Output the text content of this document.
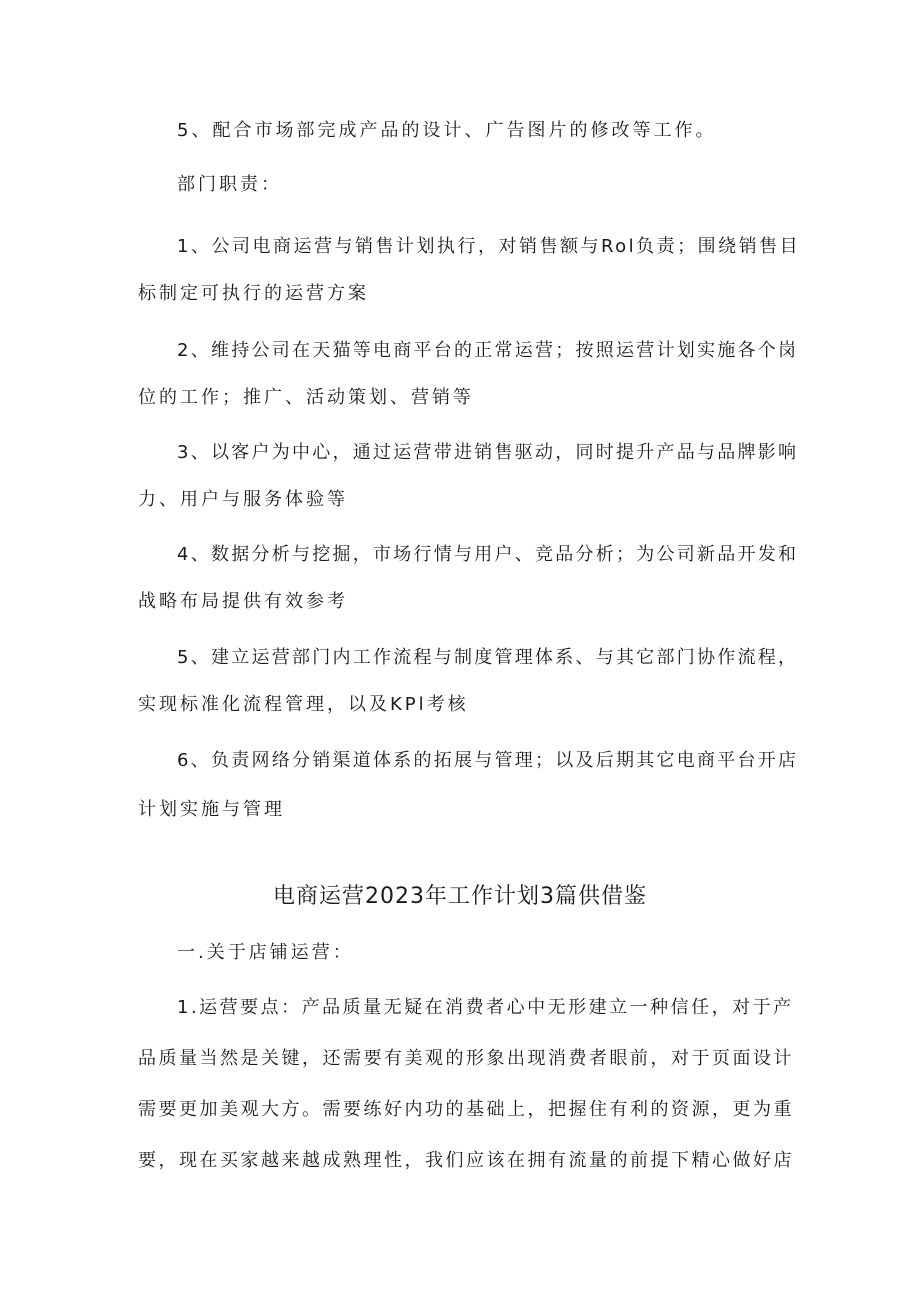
5、配合市场部完成产品的设计、广告图片的修改等工作。
部门职责：
1、公司电商运营与销售计划执行，对销售额与Rol负责；围绕销售目
标制定可执行的运营方案
2、维持公司在天猫等电商平台的正常运营；按照运营计划实施各个岗
位的工作；推广、活动策划、营销等
3、以客户为中心，通过运营带进销售驱动，同时提升产品与品牌影响
力、用户与服务体验等
4、数据分析与挖掘，市场行情与用户、竞品分析；为公司新品开发和
战略布局提供有效参考
5、建立运营部门内工作流程与制度管理体系、与其它部门协作流程，
实现标准化流程管理，以及KPl考核
6、负责网络分销渠道体系的拓展与管理；以及后期其它电商平台开店
计划实施与管理
电商运营2023年工作计划3篇供借鉴
一.关于店铺运营：
1.运营要点：产品质量无疑在消费者心中无形建立一种信任，对于产
品质量当然是关键，还需要有美观的形象出现消费者眼前，对于页面设计
需要更加美观大方。需要练好内功的基础上，把握住有利的资源，更为重
要，现在买家越来越成熟理性，我们应该在拥有流量的前提下精心做好店
